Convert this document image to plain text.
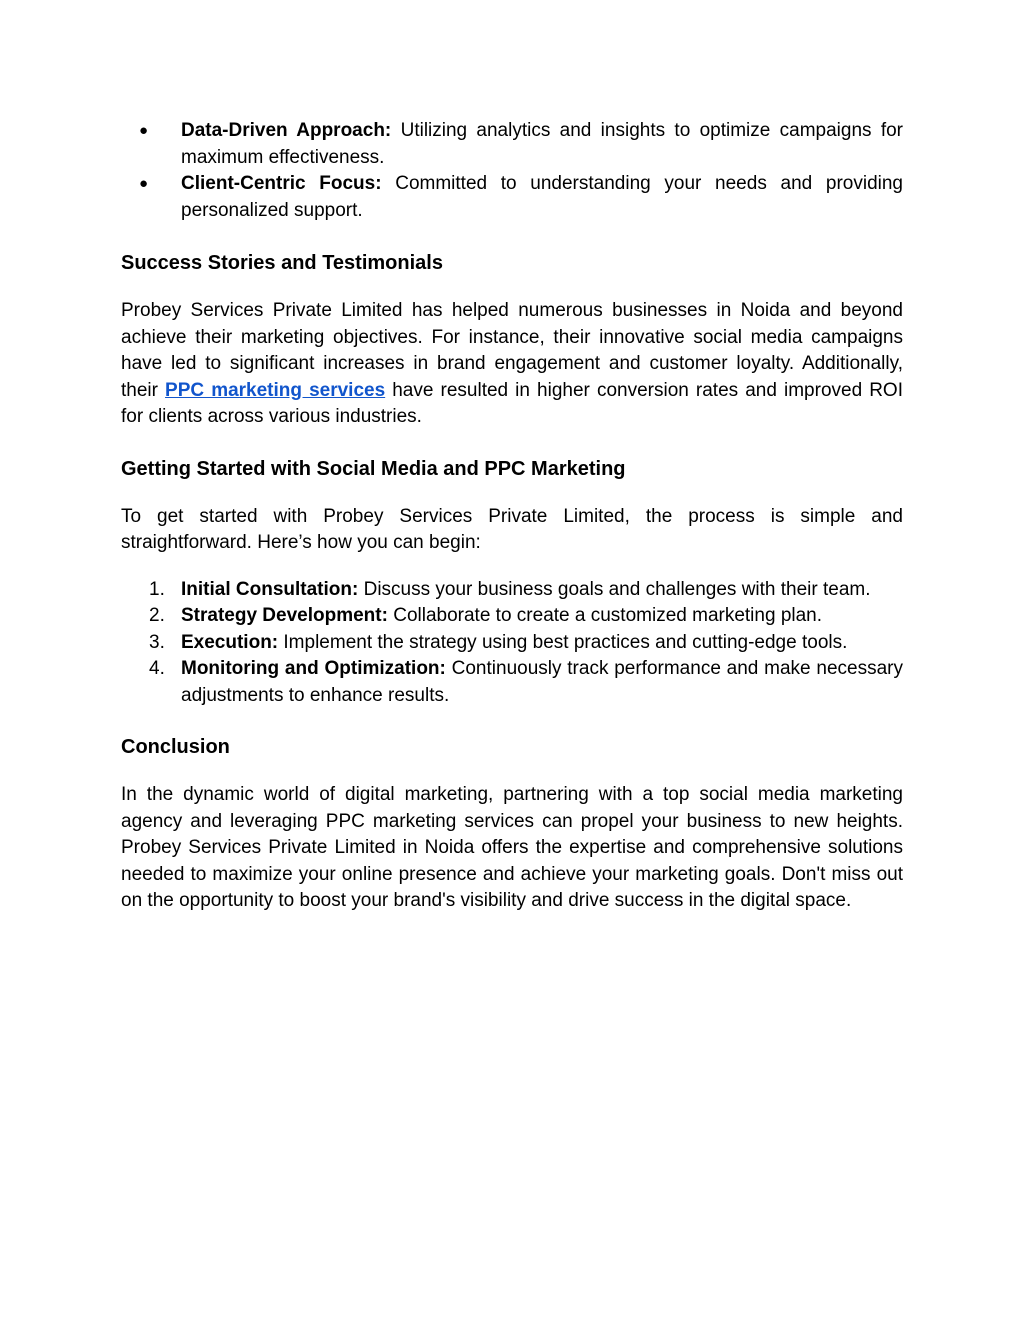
● Data-Driven Approach: Utilizing analytics and insights to optimize campaigns for maximum effectiveness.
● Client-Centric Focus: Committed to understanding your needs and providing personalized support.
Success Stories and Testimonials

Probey Services Private Limited has helped numerous businesses in Noida and beyond achieve their marketing objectives. For instance, their innovative social media campaigns have led to significant increases in brand engagement and customer loyalty. Additionally, their PPC marketing services have resulted in higher conversion rates and improved ROI for clients across various industries.

Getting Started with Social Media and PPC Marketing

To get started with Probey Services Private Limited, the process is simple and straightforward. Here’s how you can begin:

1. Initial Consultation: Discuss your business goals and challenges with their team.
2. Strategy Development: Collaborate to create a customized marketing plan.
3. Execution: Implement the strategy using best practices and cutting-edge tools.
4. Monitoring and Optimization: Continuously track performance and make necessary adjustments to enhance results.
Conclusion

In the dynamic world of digital marketing, partnering with a top social media marketing agency and leveraging PPC marketing services can propel your business to new heights. Probey Services Private Limited in Noida offers the expertise and comprehensive solutions needed to maximize your online presence and achieve your marketing goals. Don't miss out on the opportunity to boost your brand's visibility and drive success in the digital space.
